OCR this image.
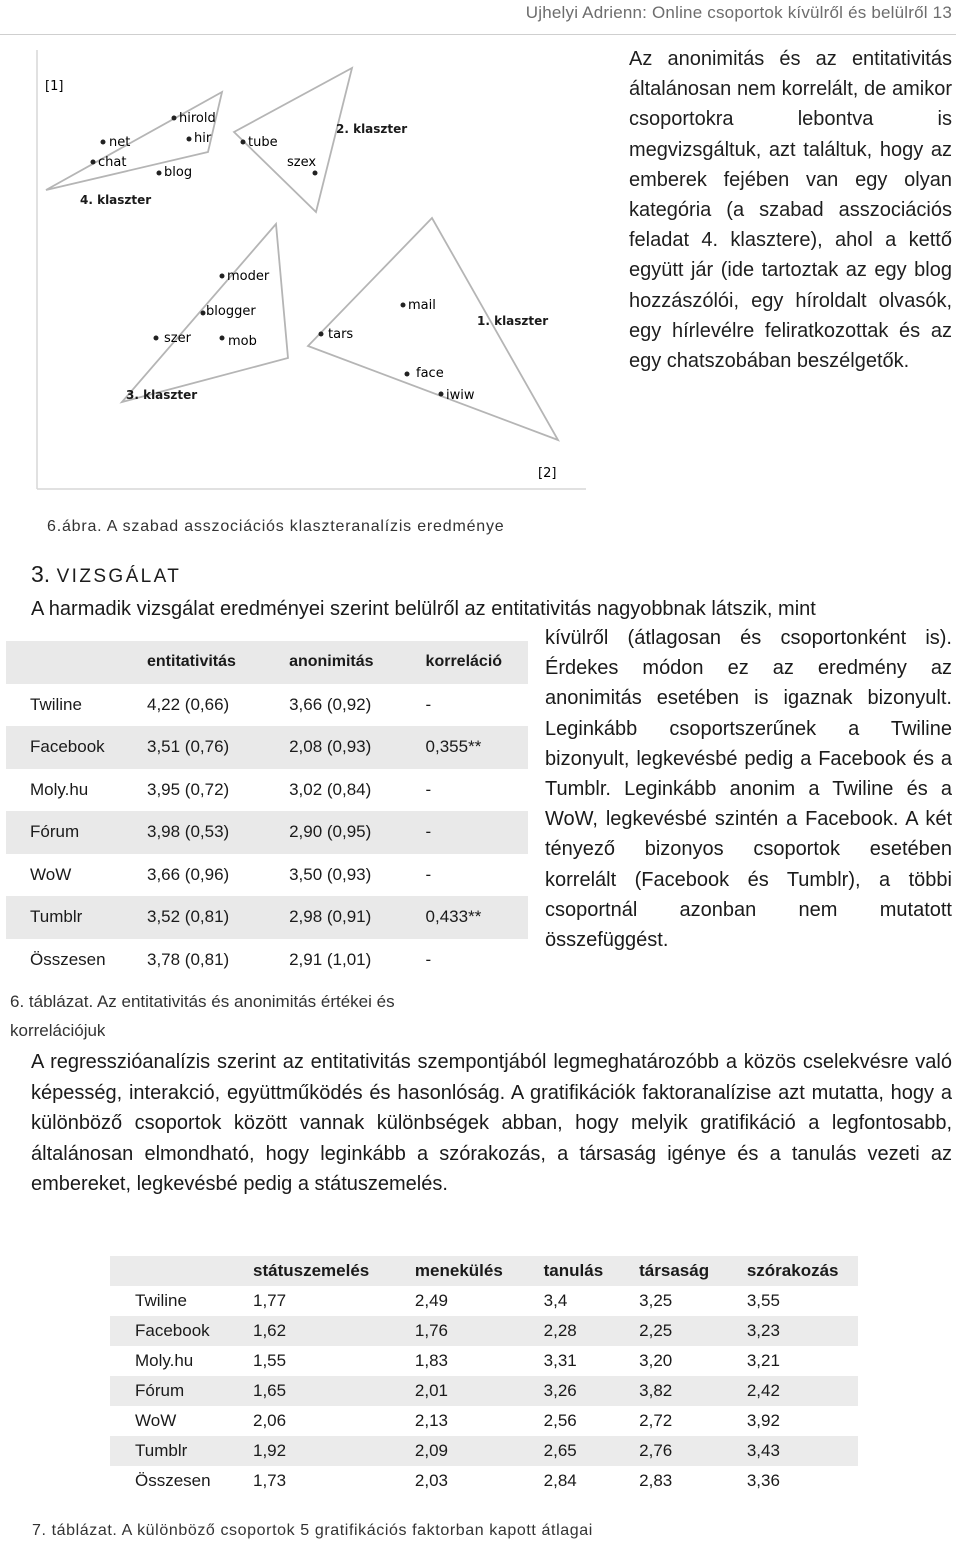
Ujhelyi Adrienn: Online csoportok kívülről és belülről 13
[1]
[2]
hirold
hir
net
chat
blog
4. klaszter
tube
szex
2. klaszter
moder
blogger
szer	mob
3. klaszter
mail
tars
face
iwiw
1. klaszter
Az anonimitás és az entitativitás általánosan nem korrelált, de amikor csoportokra lebontva is megvizsgáltuk, azt találtuk, hogy az emberek fejében van egy olyan kategória (a szabad asszociációs feladat 4. klasztere), ahol a kettő együtt jár (ide tartoztak az egy blog hozzászólói, egy híroldalt olvasók, egy hírlevélre feliratkozottak és az egy chatszobában beszélgetők.
6.ábra. A szabad asszociációs klaszteranalízis eredménye
3. VIZSGÁLAT
A harmadik vizsgálat eredményei szerint belülről az entitativitás nagyobbnak látszik, mint
kívülről (átlagosan és csoportonként is). Érdekes módon ez az eredmény az anonimitás esetében is igaznak bizonyult. Leginkább csoportszerűnek a Twiline bizonyult, legkevésbé pedig a Facebook és a Tumblr. Leginkább anonim a Twiline és a WoW, legkevésbé szintén a Facebook. A két tényező bizonyos csoportok esetében korrelált (Facebook és Tumblr), a többi csoportnál azonban nem mutatott összefüggést.
	entitativitás	anonimitás	korreláció
Twiline	4,22 (0,66)	3,66 (0,92)	-
Facebook	3,51 (0,76)	2,08 (0,93)	0,355**
Moly.hu	3,95 (0,72)	3,02 (0,84)	-
Fórum	3,98 (0,53)	2,90 (0,95)	-
WoW	3,66 (0,96)	3,50 (0,93)	-
Tumblr	3,52 (0,81)	2,98 (0,91)	0,433**
Összesen	3,78 (0,81)	2,91 (1,01)	-
6. táblázat. Az entitativitás és anonimitás értékei és
korrelációjuk
A regresszióanalízis szerint az entitativitás szempontjából legmeghatározóbb a közös cselekvésre való képesség, interakció, együttműködés és hasonlóság. A gratifikációk faktoranalízise azt mutatta, hogy a különböző csoportok között vannak különbségek abban, hogy melyik gratifikáció a legfontosabb, általánosan elmondható, hogy leginkább a szórakozás, a társaság igénye és a tanulás vezeti az embereket, legkevésbé pedig a státuszemelés.
	státuszemelés	menekülés	tanulás	társaság	szórakozás
Twiline	1,77	2,49	3,4	3,25	3,55
Facebook	1,62	1,76	2,28	2,25	3,23
Moly.hu	1,55	1,83	3,31	3,20	3,21
Fórum	1,65	2,01	3,26	3,82	2,42
WoW	2,06	2,13	2,56	2,72	3,92
Tumblr	1,92	2,09	2,65	2,76	3,43
Összesen	1,73	2,03	2,84	2,83	3,36
7. táblázat. A különböző csoportok 5 gratifikációs faktorban kapott átlagai
